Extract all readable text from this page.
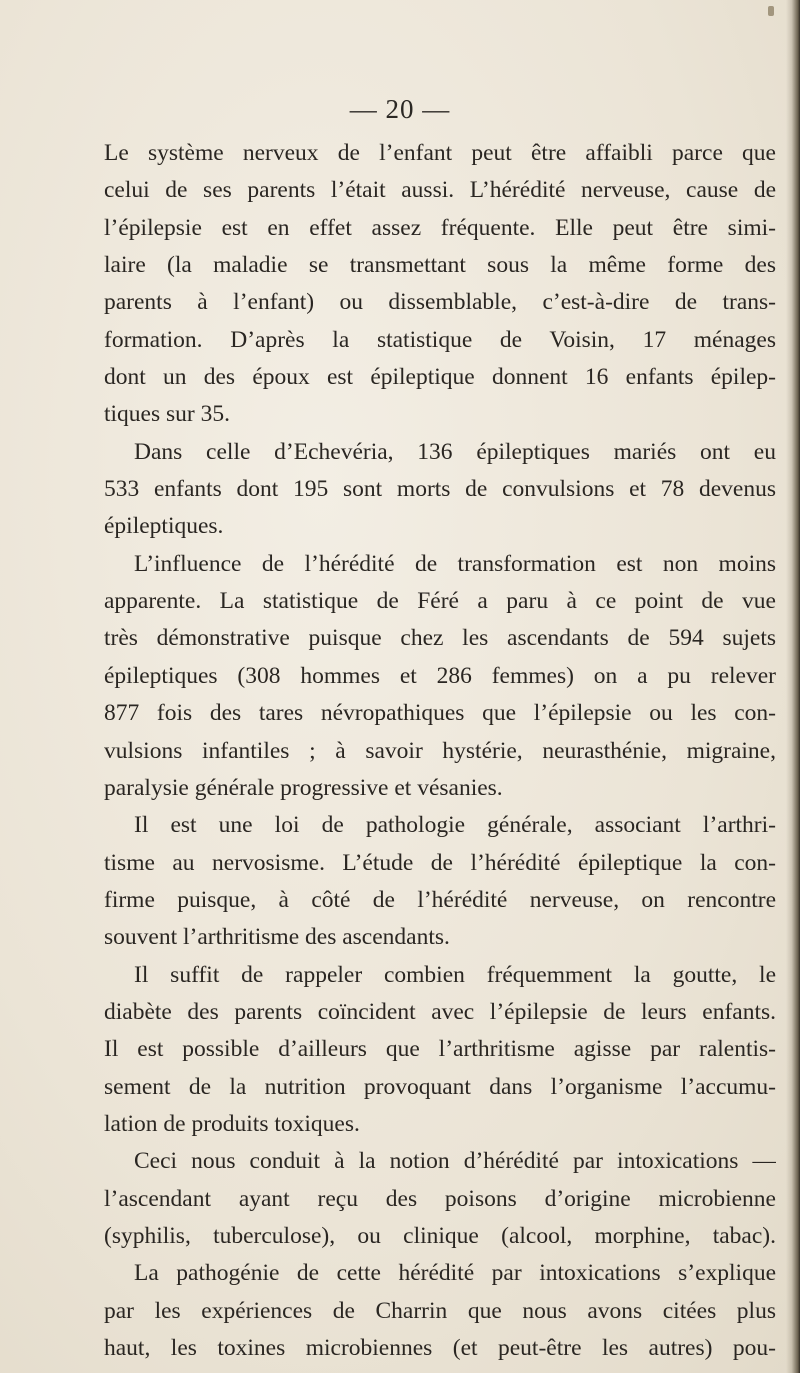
— 20 —
Le système nerveux de l’enfant peut être affaibli parce que
celui de ses parents l’était aussi. L’hérédité nerveuse, cause de
l’épilepsie est en effet assez fréquente. Elle peut être simi-
laire (la maladie se transmettant sous la même forme des
parents à l’enfant) ou dissemblable, c’est-à-dire de trans-
formation. D’après la statistique de Voisin, 17 ménages
dont un des époux est épileptique donnent 16 enfants épilep-
tiques sur 35.
Dans celle d’Echevéria, 136 épileptiques mariés ont eu
533 enfants dont 195 sont morts de convulsions et 78 devenus
épileptiques.
L’influence de l’hérédité de transformation est non moins
apparente. La statistique de Féré a paru à ce point de vue
très démonstrative puisque chez les ascendants de 594 sujets
épileptiques (308 hommes et 286 femmes) on a pu relever
877 fois des tares névropathiques que l’épilepsie ou les con-
vulsions infantiles ; à savoir hystérie, neurasthénie, migraine,
paralysie générale progressive et vésanies.
Il est une loi de pathologie générale, associant l’arthri-
tisme au nervosisme. L’étude de l’hérédité épileptique la con-
firme puisque, à côté de l’hérédité nerveuse, on rencontre
souvent l’arthritisme des ascendants.
Il suffit de rappeler combien fréquemment la goutte, le
diabète des parents coïncident avec l’épilepsie de leurs enfants.
Il est possible d’ailleurs que l’arthritisme agisse par ralentis-
sement de la nutrition provoquant dans l’organisme l’accumu-
lation de produits toxiques.
Ceci nous conduit à la notion d’hérédité par intoxications —
l’ascendant ayant reçu des poisons d’origine microbienne
(syphilis, tuberculose), ou clinique (alcool, morphine, tabac).
La pathogénie de cette hérédité par intoxications s’explique
par les expériences de Charrin que nous avons citées plus
haut, les toxines microbiennes (et peut-être les autres) pou-
